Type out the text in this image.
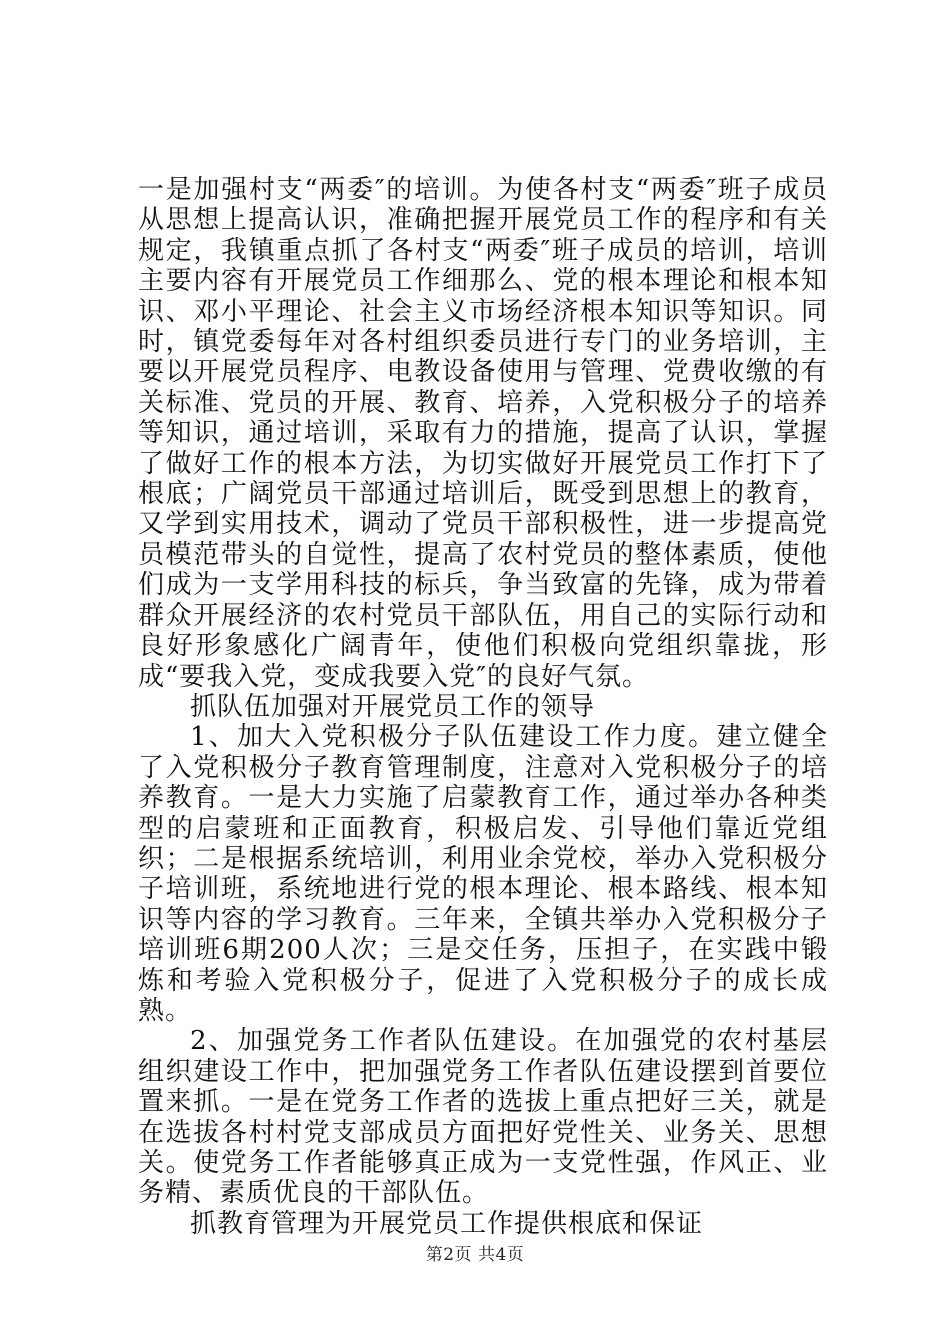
一是加强村支“两委″的培训。为使各村支“两委″班子成员从思想上提高认识，准确把握开展党员工作的程序和有关规定，我镇重点抓了各村支“两委″班子成员的培训，培训主要内容有开展党员工作细那么、党的根本理论和根本知识、邓小平理论、社会主义市场经济根本知识等知识。同时，镇党委每年对各村组织委员进行专门的业务培训，主要以开展党员程序、电教设备使用与管理、党费收缴的有关标准、党员的开展、教育、培养，入党积极分子的培养等知识，通过培训，采取有力的措施，提高了认识，掌握了做好工作的根本方法，为切实做好开展党员工作打下了根底；广阔党员干部通过培训后，既受到思想上的教育，又学到实用技术，调动了党员干部积极性，进一步提高党员模范带头的自觉性，提高了农村党员的整体素质，使他们成为一支学用科技的标兵，争当致富的先锋，成为带着群众开展经济的农村党员干部队伍，用自己的实际行动和良好形象感化广阔青年，使他们积极向党组织靠拢，形成“要我入党，变成我要入党″的良好气氛。

抓队伍加强对开展党员工作的领导

1、加大入党积极分子队伍建设工作力度。建立健全了入党积极分子教育管理制度，注意对入党积极分子的培养教育。一是大力实施了启蒙教育工作，通过举办各种类型的启蒙班和正面教育，积极启发、引导他们靠近党组织；二是根据系统培训，利用业余党校，举办入党积极分子培训班，系统地进行党的根本理论、根本路线、根本知识等内容的学习教育。三年来，全镇共举办入党积极分子培训班6期200人次；三是交任务，压担子，在实践中锻炼和考验入党积极分子，促进了入党积极分子的成长成熟。

2、加强党务工作者队伍建设。在加强党的农村基层组织建设工作中，把加强党务工作者队伍建设摆到首要位置来抓。一是在党务工作者的选拔上重点把好三关，就是在选拔各村村党支部成员方面把好党性关、业务关、思想关。使党务工作者能够真正成为一支党性强，作风正、业务精、素质优良的干部队伍。

抓教育管理为开展党员工作提供根底和保证

第2页 共4页
